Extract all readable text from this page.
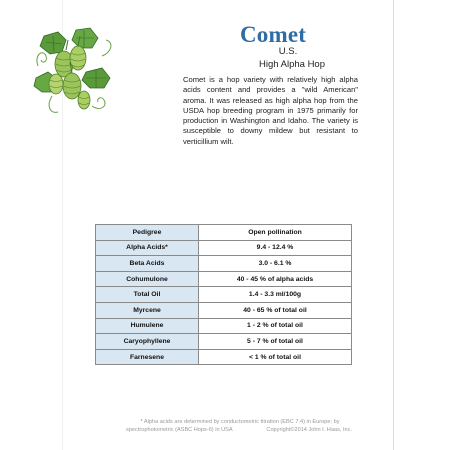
Comet
U.S.
High Alpha Hop

Comet is a hop variety with relatively high alpha acids content and provides a "wild American" aroma. It was released as high alpha hop from the USDA hop breeding program in 1975 primarily for production in Washington and Idaho. The variety is susceptible to downy mildew but resistant to verticillium wilt.

Pedigree	Open pollination
Alpha Acids*	9.4 - 12.4 %
Beta Acids	3.0 - 6.1 %
Cohumulone	40 - 45 % of alpha acids
Total Oil	1.4 - 3.3 ml/100g
Myrcene	40 - 65 % of total oil
Humulene	1 - 2 % of total oil
Caryophyllene	5 - 7 % of total oil
Farnesene	< 1 % of total oil
* Alpha acids are determined by conductometric titration (EBC 7.4) in Europe; by
spectrophotometric (ASBC Hops-6) in USA	Copyright©2014 John I. Haas, Inc.
